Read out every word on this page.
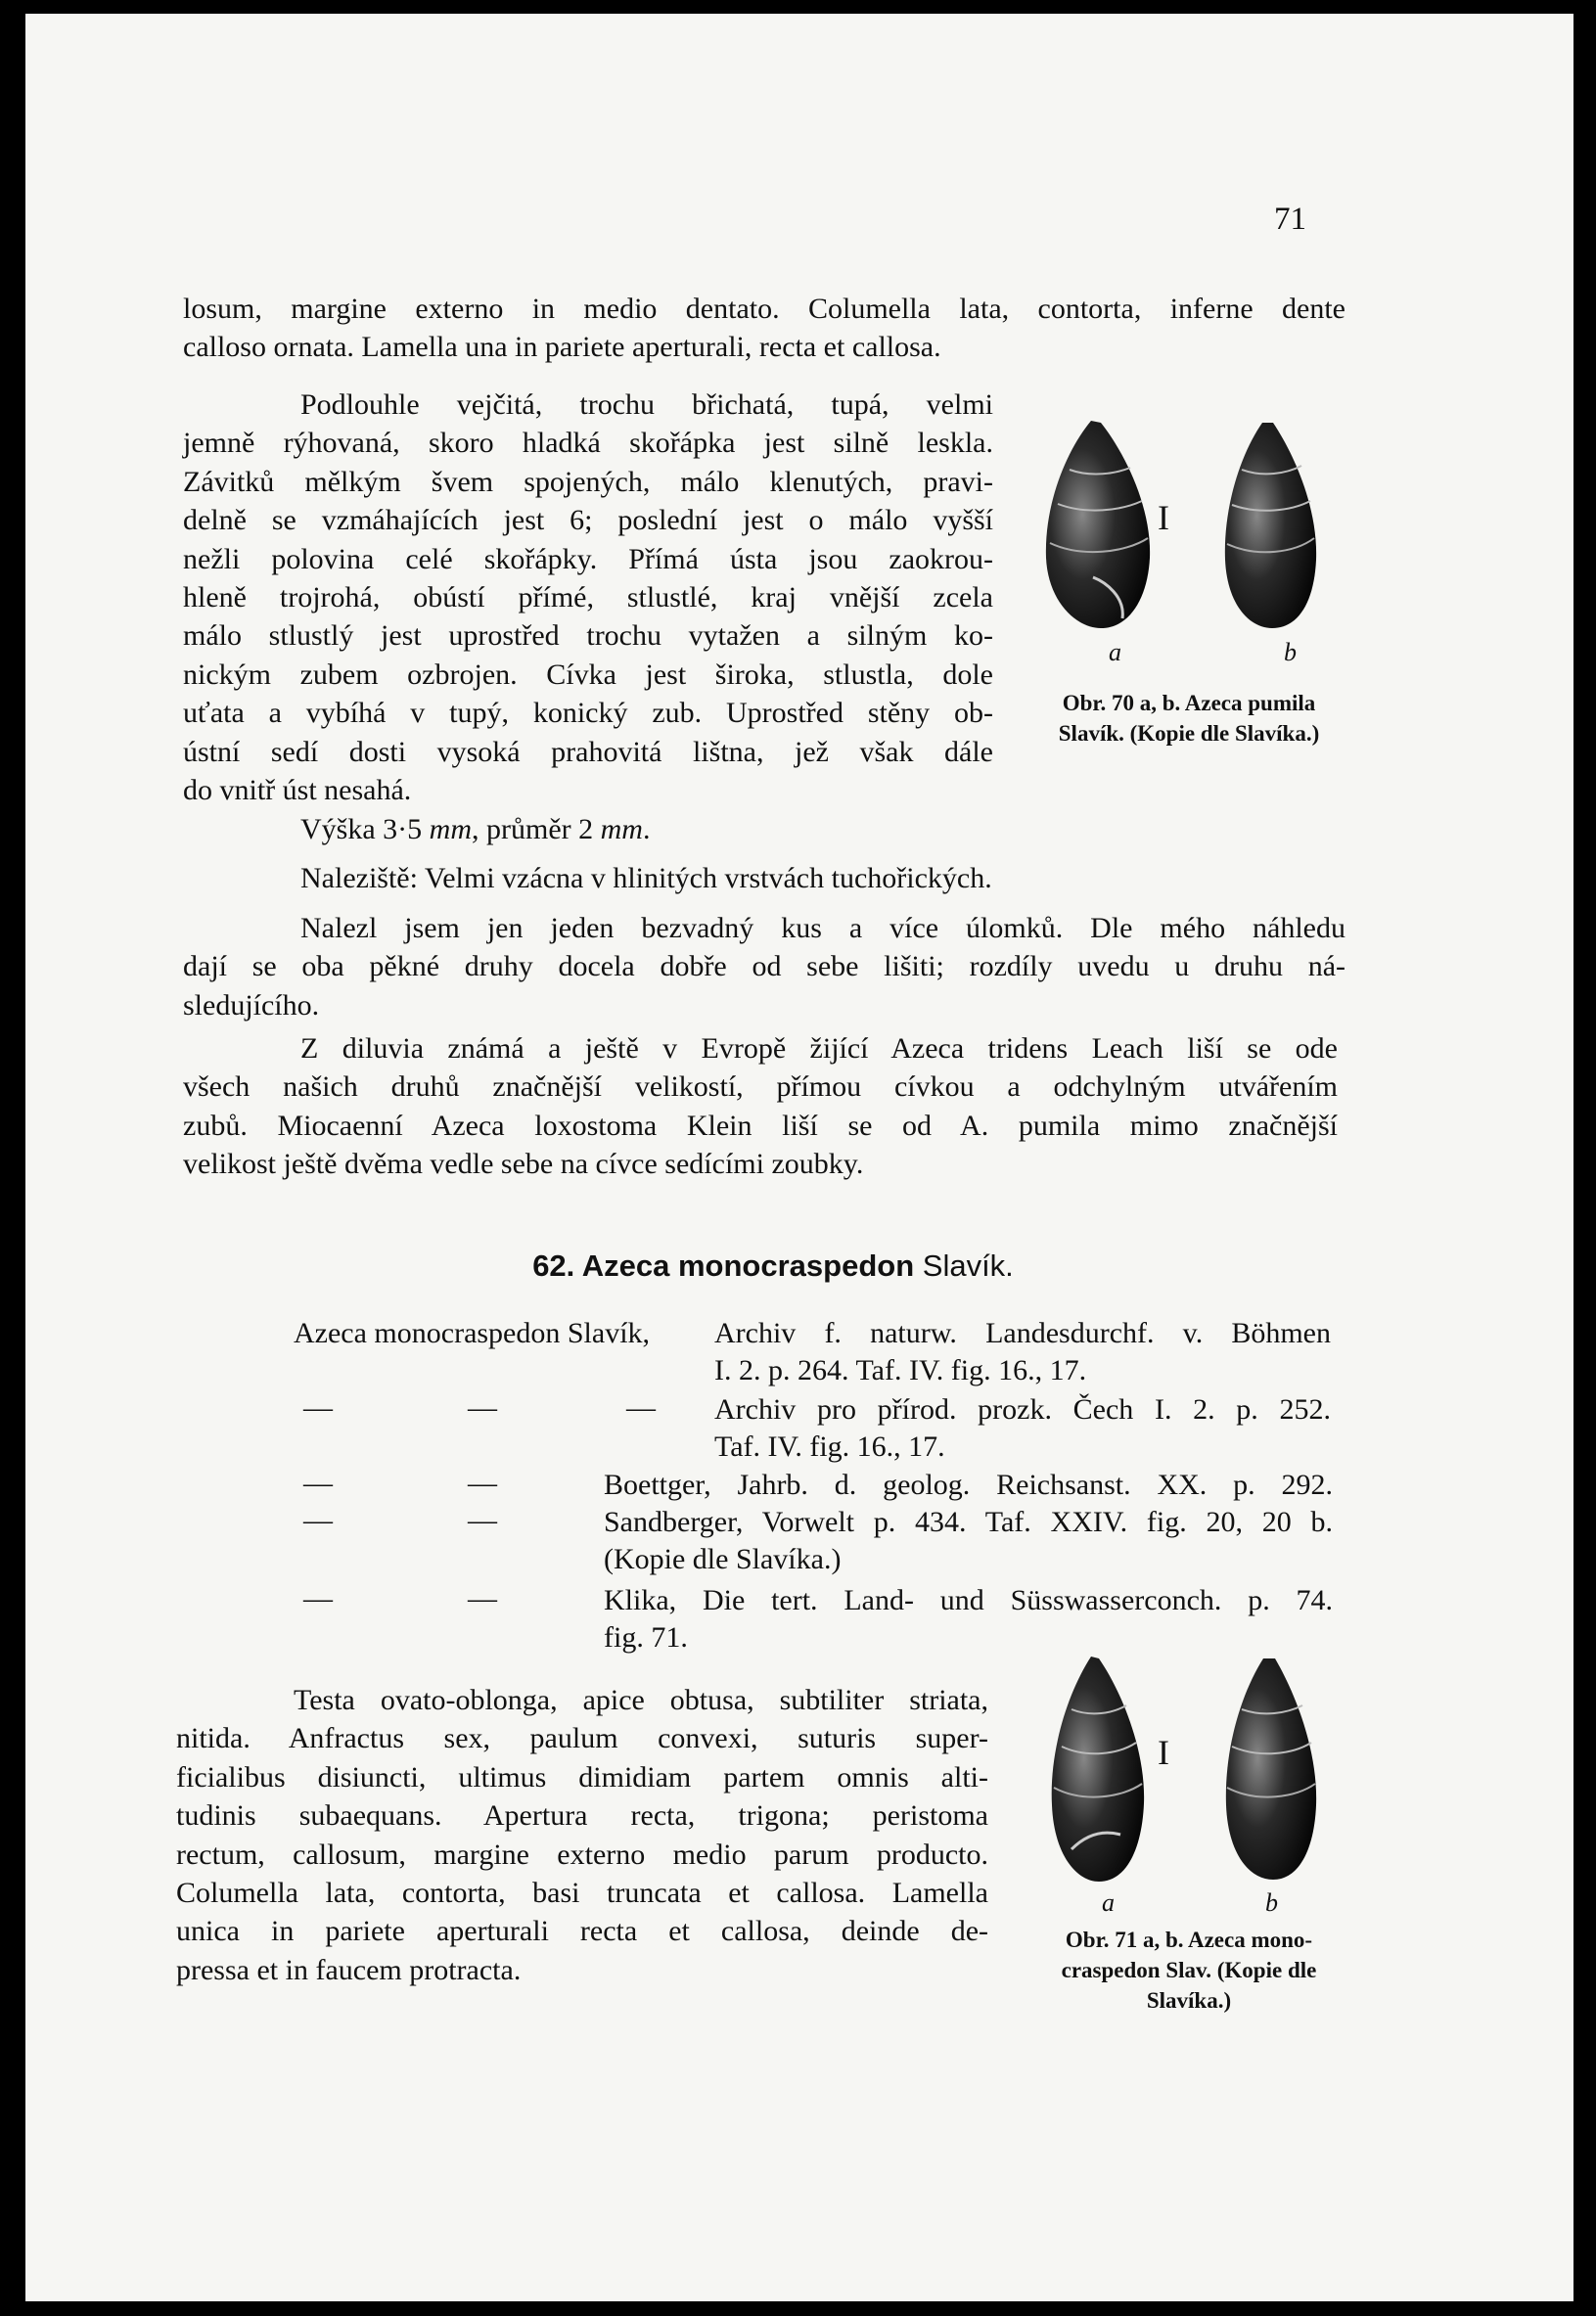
71
losum, margine externo in medio dentato. Columella lata, contorta, inferne dente
calloso ornata. Lamella una in pariete aperturali, recta et callosa.
Podlouhle vejčitá, trochu břichatá, tupá, velmi
jemně rýhovaná, skoro hladká skořápka jest silně leskla.
Závitků mělkým švem spojených, málo klenutých, pravi-
delně se vzmáhajících jest 6; poslední jest o málo vyšší
nežli polovina celé skořápky. Přímá ústa jsou zaokrou-
hleně trojrohá, obústí přímé, stlustlé, kraj vnější zcela
málo stlustlý jest uprostřed trochu vytažen a silným ko-
nickým zubem ozbrojen. Cívka jest široka, stlustla, dole
uťata a vybíhá v tupý, konický zub. Uprostřed stěny ob-
ústní sedí dosti vysoká prahovitá lištna, jež však dále
do vnitř úst nesahá.
I
a	b
Obr. 70 a, b. Azeca pumila
Slavík. (Kopie dle Slavíka.)
Výška 3·5 mm, průměr 2 mm.
Naleziště: Velmi vzácna v hlinitých vrstvách tuchořických.
Nalezl jsem jen jeden bezvadný kus a více úlomků. Dle mého náhledu
dají se oba pěkné druhy docela dobře od sebe lišiti; rozdíly uvedu u druhu ná-
sledujícího.
Z diluvia známá a ještě v Evropě žijící Azeca tridens Leach liší se ode
všech našich druhů značnější velikostí, přímou cívkou a odchylným utvářením
zubů. Miocaenní Azeca loxostoma Klein liší se od A. pumila mimo značnější
velikost ještě dvěma vedle sebe na cívce sedícími zoubky.
62. Azeca monocraspedon Slavík.
Azeca monocraspedon Slavík, Archiv f. naturw. Landesdurchf. v. Böhmen
I. 2. p. 264. Taf. IV. fig. 16., 17.
—	—	— Archiv pro přírod. prozk. Čech I. 2. p. 252.
Taf. IV. fig. 16., 17.
—	—	Boettger, Jahrb. d. geolog. Reichsanst. XX. p. 292.
—	—	Sandberger, Vorwelt p. 434. Taf. XXIV. fig. 20, 20 b.
(Kopie dle Slavíka.)
—	—	Klika, Die tert. Land- und Süsswasserconch. p. 74.
fig. 71.
Testa ovato-oblonga, apice obtusa, subtiliter striata,
nitida. Anfractus sex, paulum convexi, suturis super-
ficialibus disiuncti, ultimus dimidiam partem omnis alti-
tudinis subaequans. Apertura recta, trigona; peristoma
rectum, callosum, margine externo medio parum producto.
Columella lata, contorta, basi truncata et callosa. Lamella
unica in pariete aperturali recta et callosa, deinde de-
pressa et in faucem protracta.
I
a	b
Obr. 71 a, b. Azeca mono-
craspedon Slav. (Kopie dle
Slavíka.)
